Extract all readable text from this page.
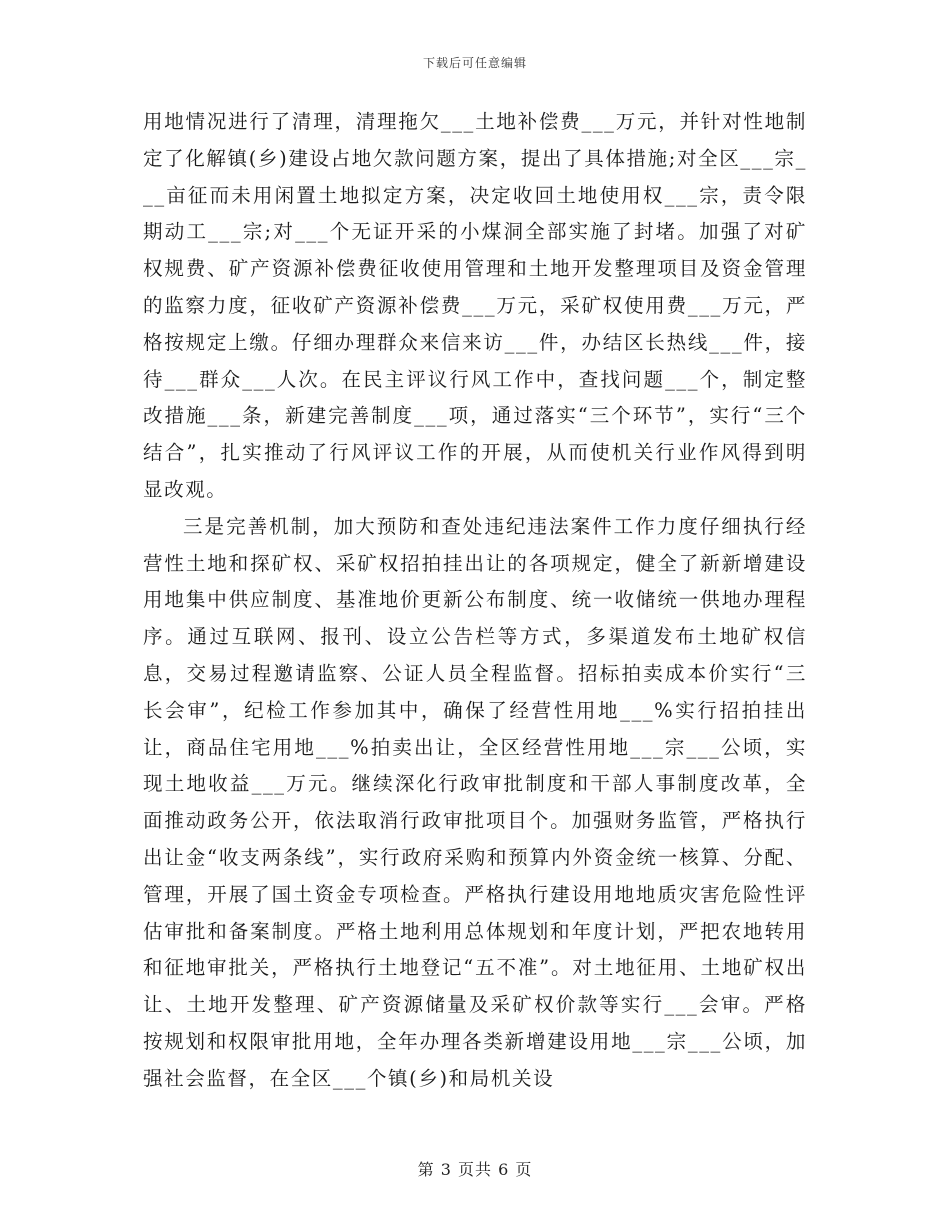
下载后可任意编辑

用地情况进行了清理，清理拖欠___土地补偿费___万元，并针对性地制定了化解镇(乡)建设占地欠款问题方案，提出了具体措施;对全区___宗___亩征而未用闲置土地拟定方案，决定收回土地使用权___宗，责令限期动工___宗;对___个无证开采的小煤洞全部实施了封堵。加强了对矿权规费、矿产资源补偿费征收使用管理和土地开发整理项目及资金管理的监察力度，征收矿产资源补偿费___万元，采矿权使用费___万元，严格按规定上缴。仔细办理群众来信来访___件，办结区长热线___件，接待___群众___人次。在民主评议行风工作中，查找问题___个，制定整改措施___条，新建完善制度___项，通过落实“三个环节”，实行“三个结合”，扎实推动了行风评议工作的开展，从而使机关行业作风得到明显改观。

三是完善机制，加大预防和查处违纪违法案件工作力度仔细执行经营性土地和探矿权、采矿权招拍挂出让的各项规定，健全了新新增建设用地集中供应制度、基准地价更新公布制度、统一收储统一供地办理程序。通过互联网、报刊、设立公告栏等方式，多渠道发布土地矿权信息，交易过程邀请监察、公证人员全程监督。招标拍卖成本价实行“三长会审”，纪检工作参加其中，确保了经营性用地___%实行招拍挂出让，商品住宅用地___%拍卖出让，全区经营性用地___宗___公顷，实现土地收益___万元。继续深化行政审批制度和干部人事制度改革，全面推动政务公开，依法取消行政审批项目个。加强财务监管，严格执行出让金“收支两条线”，实行政府采购和预算内外资金统一核算、分配、管理，开展了国土资金专项检查。严格执行建设用地地质灾害危险性评估审批和备案制度。严格土地利用总体规划和年度计划，严把农地转用和征地审批关，严格执行土地登记“五不准”。对土地征用、土地矿权出让、土地开发整理、矿产资源储量及采矿权价款等实行___会审。严格按规划和权限审批用地，全年办理各类新增建设用地___宗___公顷，加强社会监督，在全区___个镇(乡)和局机关设

第 3 页共 6 页
